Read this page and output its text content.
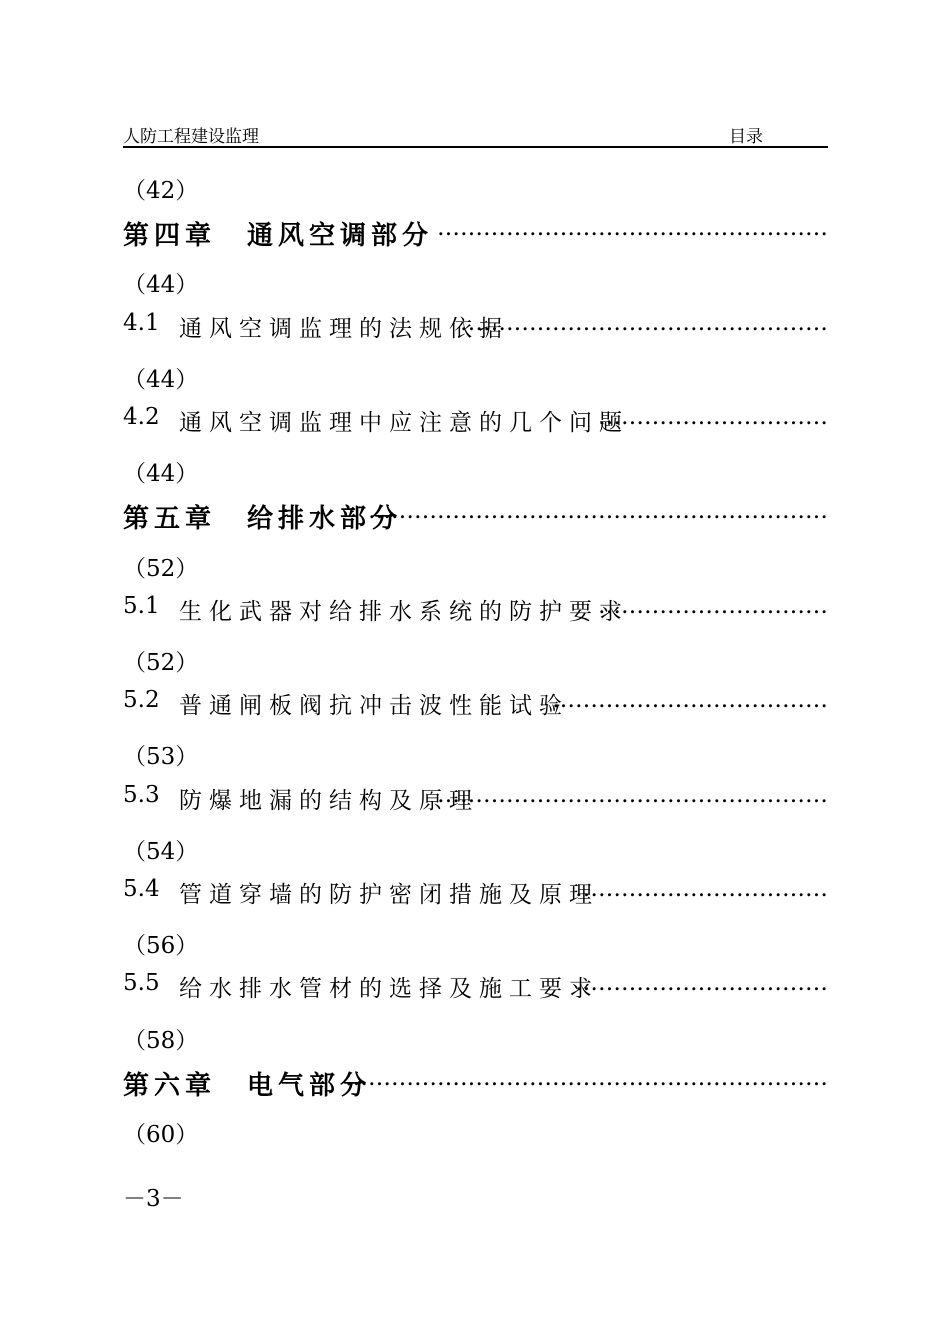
人防工程建设监理	目录
（42）
第四章　通风空调部分 ……………………………………………
（44）
4.1 通风空调监理的法规依据
…………………………………………
（44）
4.2 通风空调监理中应注意的几个问题
…………………………
（44）
第五章　给排水部分
……………………………………………………
（52）
5.1 生化武器对给排水系统的防护要求
…………………………
（52）
5.2 普通闸板阀抗冲击波性能试验
………………………………
（53）
5.3 防爆地漏的结构及原理
……………………………………………
（54）
5.4 管道穿墙的防护密闭措施及原理
……………………………
（56）
5.5 给水排水管材的选择及施工要求
……………………………
（58）
第六章　电气部分
………………………………………………………
（60）
－3－
